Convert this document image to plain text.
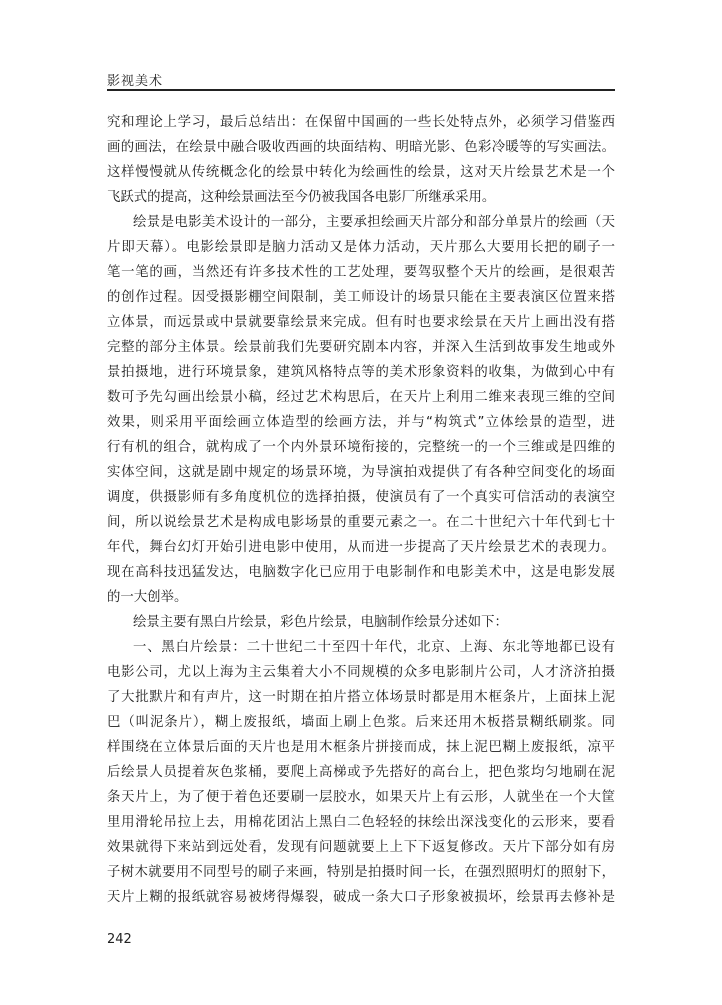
影视美术
究和理论上学习，最后总结出：在保留中国画的一些长处特点外，必须学习借鉴西
画的画法，在绘景中融合吸收西画的块面结构、明暗光影、色彩冷暖等的写实画法。
这样慢慢就从传统概念化的绘景中转化为绘画性的绘景，这对天片绘景艺术是一个
飞跃式的提高，这种绘景画法至今仍被我国各电影厂所继承采用。
绘景是电影美术设计的一部分，主要承担绘画天片部分和部分单景片的绘画（天
片即天幕）。电影绘景即是脑力活动又是体力活动，天片那么大要用长把的刷子一
笔一笔的画，当然还有许多技术性的工艺处理，要驾驭整个天片的绘画，是很艰苦
的创作过程。因受摄影棚空间限制，美工师设计的场景只能在主要表演区位置来搭
立体景，而远景或中景就要靠绘景来完成。但有时也要求绘景在天片上画出没有搭
完整的部分主体景。绘景前我们先要研究剧本内容，并深入生活到故事发生地或外
景拍摄地，进行环境景象，建筑风格特点等的美术形象资料的收集，为做到心中有
数可予先勾画出绘景小稿，经过艺术构思后，在天片上利用二维来表现三维的空间
效果，则采用平面绘画立体造型的绘画方法，并与“构筑式”立体绘景的造型，进
行有机的组合，就构成了一个内外景环境衔接的，完整统一的一个三维或是四维的
实体空间，这就是剧中规定的场景环境，为导演拍戏提供了有各种空间变化的场面
调度，供摄影师有多角度机位的选择拍摄，使演员有了一个真实可信活动的表演空
间，所以说绘景艺术是构成电影场景的重要元素之一。在二十世纪六十年代到七十
年代，舞台幻灯开始引进电影中使用，从而进一步提高了天片绘景艺术的表现力。
现在高科技迅猛发达，电脑数字化已应用于电影制作和电影美术中，这是电影发展
的一大创举。
绘景主要有黑白片绘景，彩色片绘景，电脑制作绘景分述如下：
一、黑白片绘景：二十世纪二十至四十年代，北京、上海、东北等地都已设有
电影公司，尤以上海为主云集着大小不同规模的众多电影制片公司，人才济济拍摄
了大批默片和有声片，这一时期在拍片搭立体场景时都是用木框条片，上面抹上泥
巴（叫泥条片），糊上废报纸，墙面上刷上色浆。后来还用木板搭景糊纸刷浆。同
样围绕在立体景后面的天片也是用木框条片拼接而成，抹上泥巴糊上废报纸，凉平
后绘景人员提着灰色浆桶，要爬上高梯或予先搭好的高台上，把色浆均匀地刷在泥
条天片上，为了便于着色还要刷一层胶水，如果天片上有云形，人就坐在一个大筐
里用滑轮吊拉上去，用棉花团沾上黑白二色轻轻的抹绘出深浅变化的云形来，要看
效果就得下来站到远处看，发现有问题就要上上下下返复修改。天片下部分如有房
子树木就要用不同型号的刷子来画，特别是拍摄时间一长，在强烈照明灯的照射下，
天片上糊的报纸就容易被烤得爆裂，破成一条大口子形象被损坏，绘景再去修补是
242
